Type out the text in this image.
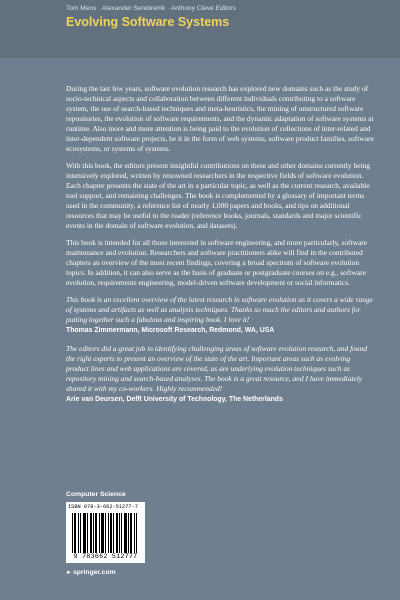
Tom Mens · Alexander Serebrenik · Anthony Cleve Editors
Evolving Software Systems

During the last few years, software evolution research has explored new domains such as the study of socio-technical aspects and collaboration between different individuals contributing to a software system, the use of search-based techniques and meta-heuristics, the mining of unstructured software repositories, the evolution of software requirements, and the dynamic adaptation of software systems at runtime. Also more and more attention is being paid to the evolution of collections of inter-related and inter-dependent software projects, be it in the form of web systems, software product families, software ecosystems, or systems of systems.

With this book, the editors present insightful contributions on these and other domains currently being intensively explored, written by renowned researchers in the respective fields of software evolution. Each chapter presents the state of the art in a particular topic, as well as the current research, available tool support, and remaining challenges. The book is complemented by a glossary of important terms used in the community, a reference list of nearly 1,000 papers and books, and tips on additional resources that may be useful to the reader (reference books, journals, standards and major scientific events in the domain of software evolution, and datasets).

This book is intended for all those interested in software engineering, and more particularly, software maintenance and evolution. Researchers and software practitioners alike will find in the contributed chapters an overview of the most recent findings, covering a broad spectrum of software evolution topics. In addition, it can also serve as the basis of graduate or postgraduate courses on e.g., software evolution, requirements engineering, model-driven software development or social informatics.

This book is an excellent overview of the latest research in software evolution as it covers a wide range of systems and artifacts as well as analysis techniques. Thanks so much the editors and authors for putting together such a fabulous and inspiring book. I love it!
Thomas Zimmermann, Microsoft Research, Redmond, WA, USA
The editors did a great job in identifying challenging areas of software evolution research, and found the right experts to present an overview of the state of the art. Important areas such as evolving product lines and web applications are covered, as are underlying evolution techniques such as repository mining and search-based analyses. The book is a great resource, and I have immediately shared it with my co-workers. Highly recommended!
Arie van Deursen, Delft University of Technology, The Netherlands
Computer Science
ISBN 978-3-662-51277-7
9 783662 512777
►springer.com
